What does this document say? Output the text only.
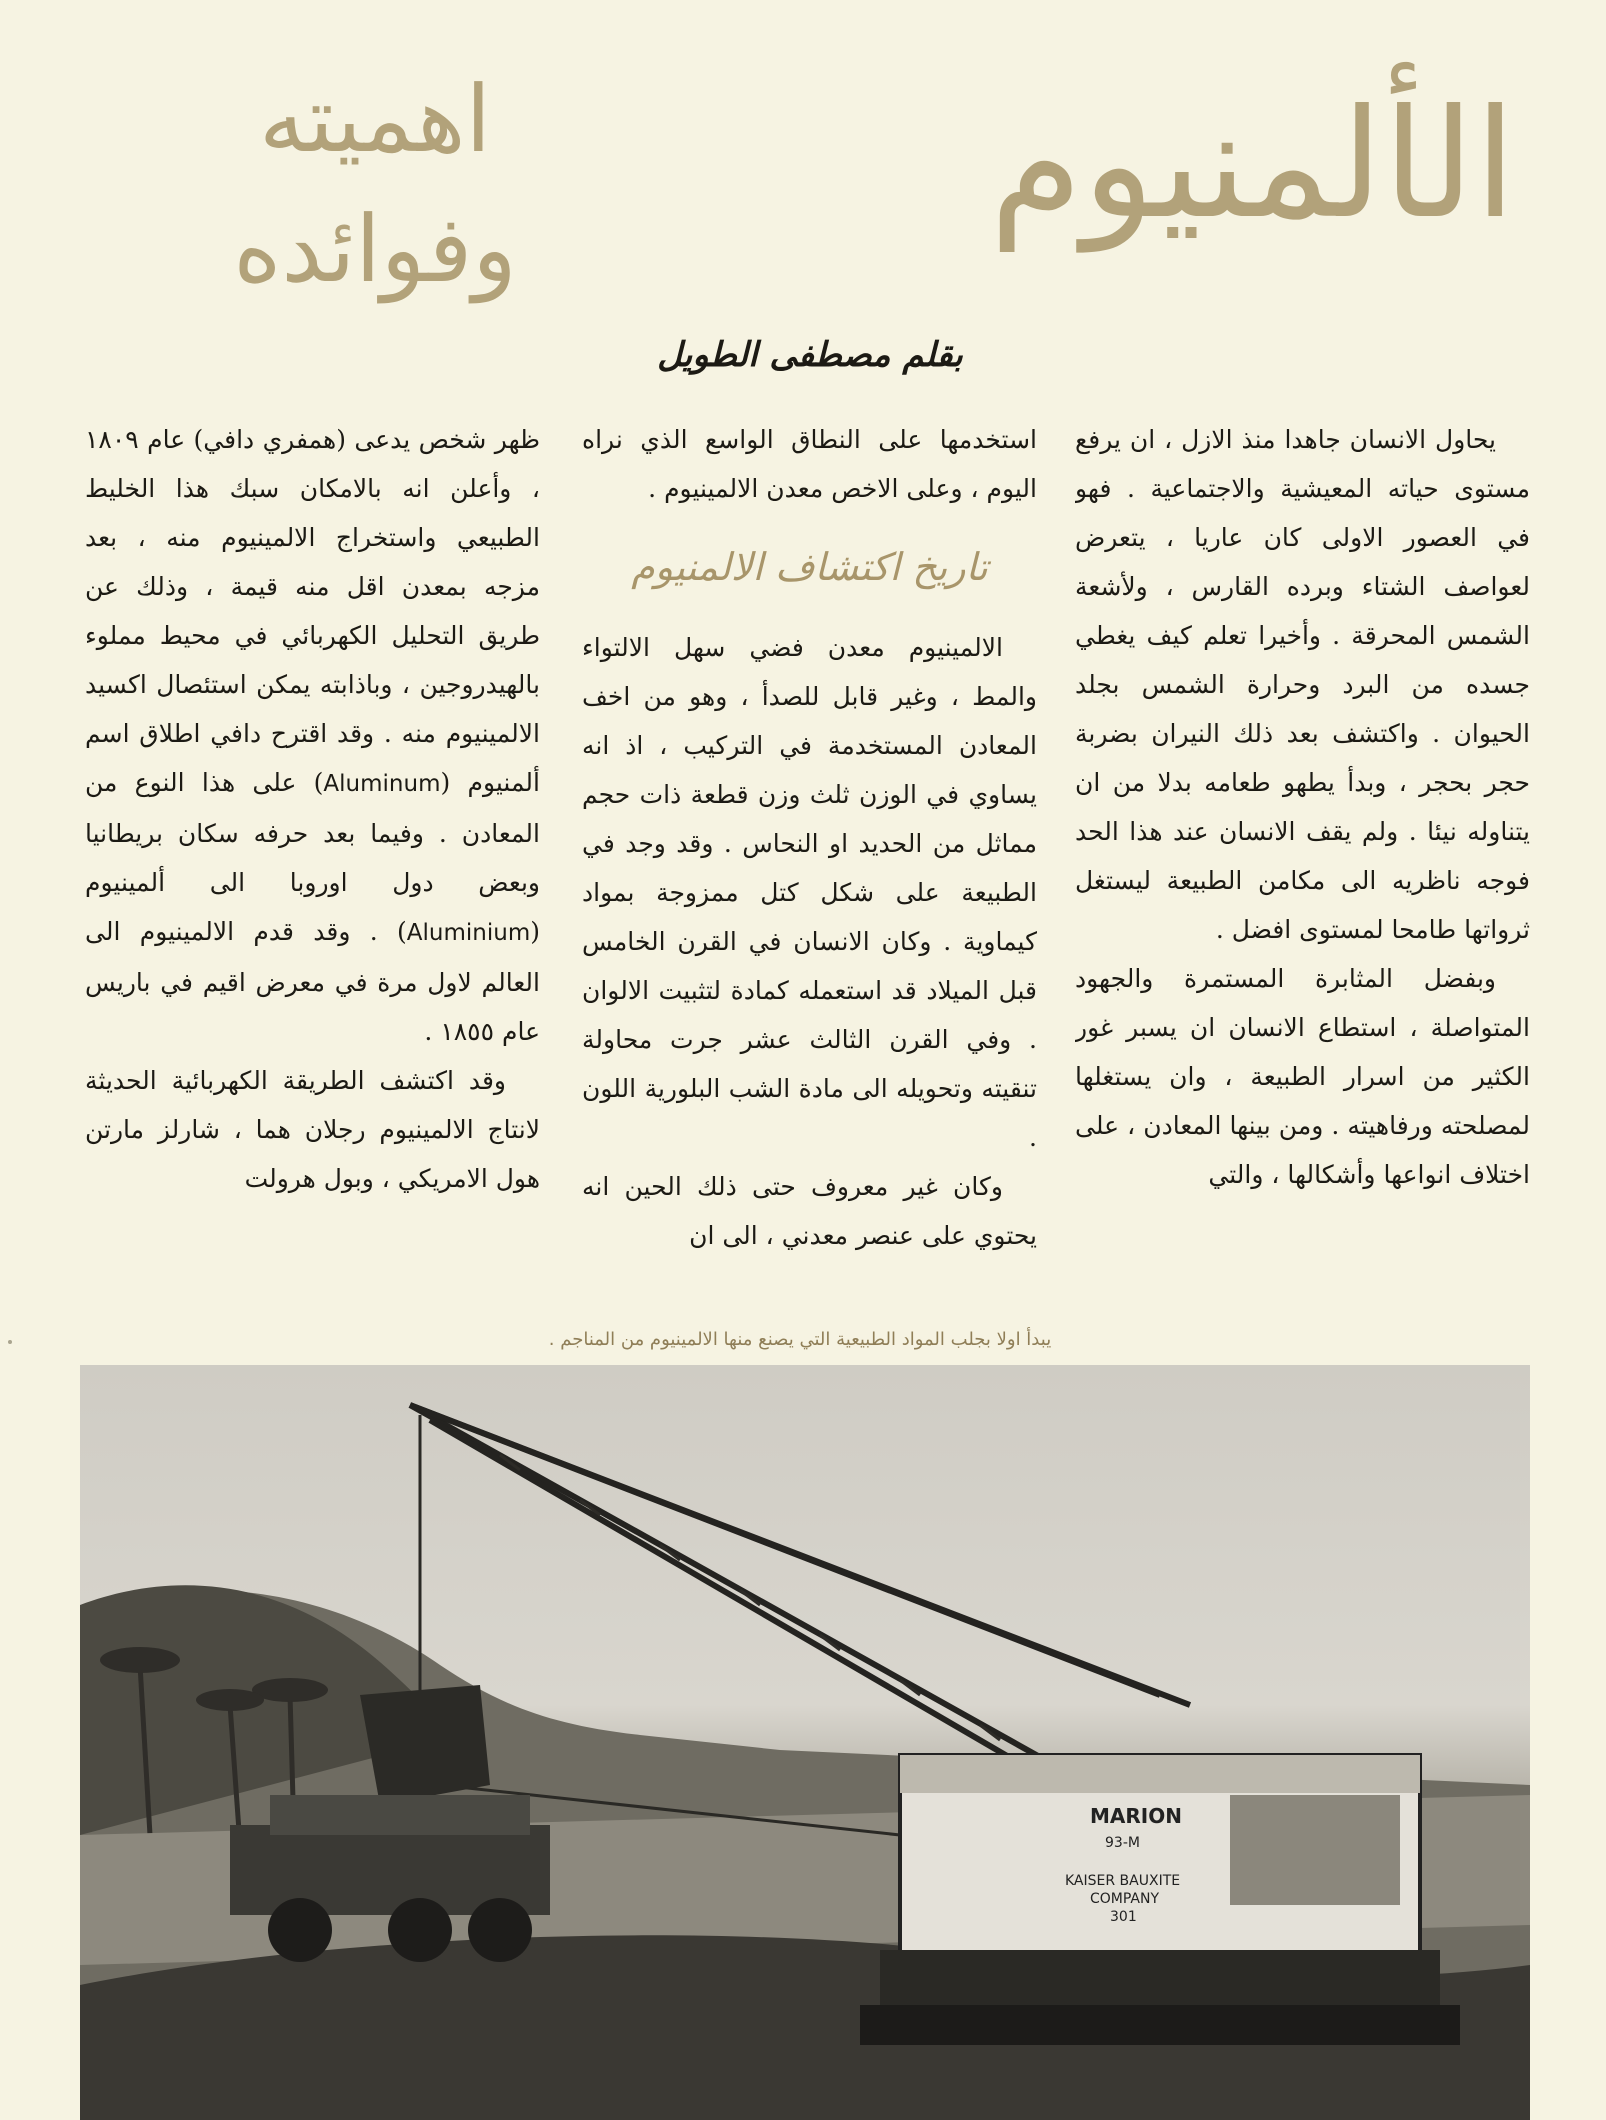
الألمنيوم
اهميته
وفوائده
بقلم مصطفى الطويل

يحاول الانسان جاهدا منذ الازل ، ان يرفع مستوى حياته المعيشية والاجتماعية . فهو في العصور الاولى كان عاريا ، يتعرض لعواصف الشتاء وبرده القارس ، ولأشعة الشمس المحرقة . وأخيرا تعلم كيف يغطي جسده من البرد وحرارة الشمس بجلد الحيوان . واكتشف بعد ذلك النيران بضربة حجر بحجر ، وبدأ يطهو طعامه بدلا من ان يتناوله نيئا . ولم يقف الانسان عند هذا الحد فوجه ناظريه الى مكامن الطبيعة ليستغل ثرواتها طامحا لمستوى افضل .

وبفضل المثابرة المستمرة والجهود المتواصلة ، استطاع الانسان ان يسبر غور الكثير من اسرار الطبيعة ، وان يستغلها لمصلحته ورفاهيته . ومن بينها المعادن ، على اختلاف انواعها وأشكالها ، والتي

استخدمها على النطاق الواسع الذي نراه اليوم ، وعلى الاخص معدن الالمينيوم .

تاريخ اكتشاف الالمنيوم

الالمينيوم معدن فضي سهل الالتواء والمط ، وغير قابل للصدأ ، وهو من اخف المعادن المستخدمة في التركيب ، اذ انه يساوي في الوزن ثلث وزن قطعة ذات حجم مماثل من الحديد او النحاس . وقد وجد في الطبيعة على شكل كتل ممزوجة بمواد كيماوية . وكان الانسان في القرن الخامس قبل الميلاد قد استعمله كمادة لتثبيت الالوان . وفي القرن الثالث عشر جرت محاولة تنقيته وتحويله الى مادة الشب البلورية اللون .

وكان غير معروف حتى ذلك الحين انه يحتوي على عنصر معدني ، الى ان

ظهر شخص يدعى (همفري دافي) عام ١٨٠٩ ، وأعلن انه بالامكان سبك هذا الخليط الطبيعي واستخراج الالمينيوم منه ، بعد مزجه بمعدن اقل منه قيمة ، وذلك عن طريق التحليل الكهربائي في محيط مملوء بالهيدروجين ، وباذابته يمكن استئصال اكسيد الالمينيوم منه . وقد اقترح دافي اطلاق اسم ألمنيوم (Aluminum) على هذا النوع من المعادن . وفيما بعد حرفه سكان بريطانيا وبعض دول اوروبا الى ألمينيوم (Aluminium) . وقد قدم الالمينيوم الى العالم لاول مرة في معرض اقيم في باريس عام ١٨٥٥ .

وقد اكتشف الطريقة الكهربائية الحديثة لانتاج الالمينيوم رجلان هما ، شارلز مارتن هول الامريكي ، وبول هرولت

يبدأ اولا بجلب المواد الطبيعية التي يصنع منها الالمينيوم من المناجم .
MARION
93-M
KAISER BAUXITE
COMPANY
301
